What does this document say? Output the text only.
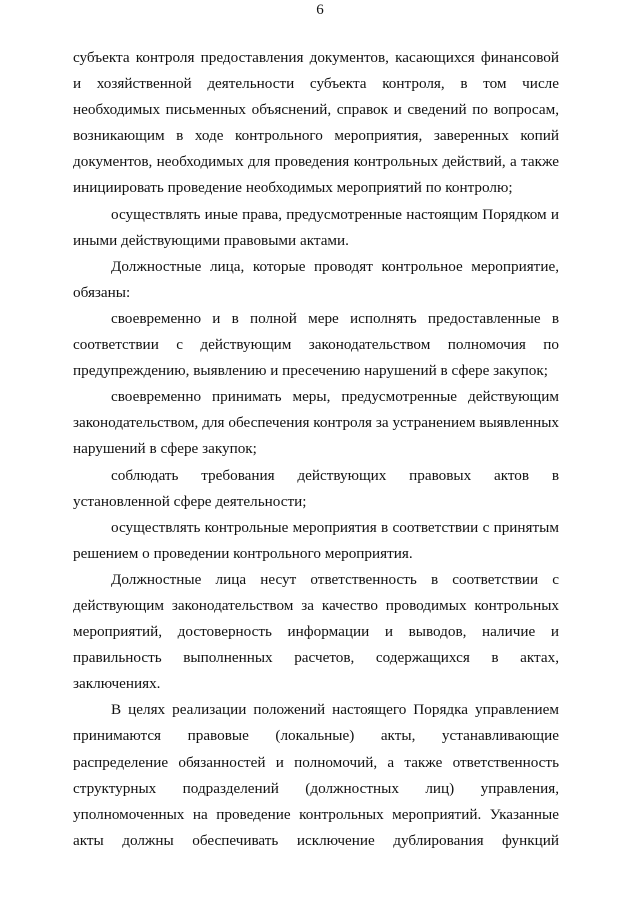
6

субъекта контроля предоставления документов, касающихся финансовой и хозяйственной деятельности субъекта контроля, в том числе необходимых письменных объяснений, справок и сведений по вопросам, возникающим в ходе контрольного мероприятия, заверенных копий документов, необходимых для проведения контрольных действий, а также инициировать проведение необходимых мероприятий по контролю;

осуществлять иные права, предусмотренные настоящим Порядком и иными действующими правовыми актами.

Должностные лица, которые проводят контрольное мероприятие, обязаны:

своевременно и в полной мере исполнять предоставленные в соответствии с действующим законодательством полномочия по предупреждению, выявлению и пресечению нарушений в сфере закупок;

своевременно принимать меры, предусмотренные действующим законодательством, для обеспечения контроля за устранением выявленных нарушений в сфере закупок;

соблюдать требования действующих правовых актов в установленной сфере деятельности;

осуществлять контрольные мероприятия в соответствии с принятым решением о проведении контрольного мероприятия.

Должностные лица несут ответственность в соответствии с действующим законодательством за качество проводимых контрольных мероприятий, достоверность информации и выводов, наличие и правильность выполненных расчетов, содержащихся в актах, заключениях.

В целях реализации положений настоящего Порядка управлением принимаются правовые (локальные) акты, устанавливающие распределение обязанностей и полномочий, а также ответственность структурных подразделений (должностных лиц) управления, уполномоченных на проведение контрольных мероприятий. Указанные акты должны обеспечивать исключение дублирования функций
